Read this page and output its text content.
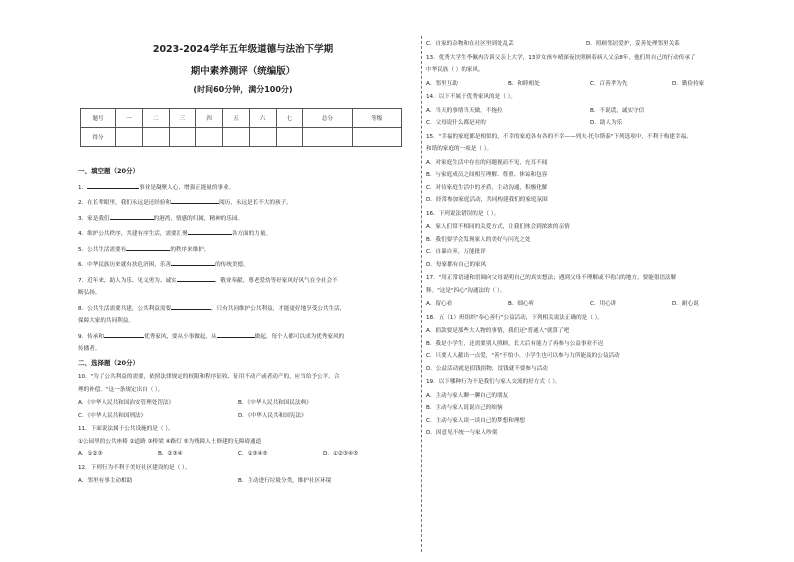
2023-2024学年五年级道德与法治下学期

期中素养测评（统编版）

(时间60分钟，满分100分)

题号	一	二	三	四	五	六	七	总分	等级
得分									

一、填空题（20分）

1．	事业是凝聚人心，增强正能量的事业。

2．在长辈眼里，我们永远是还经验和	阅历，永远是长不大的孩子。

3．家是我们	的港湾，情感的归属，精神的乐园。

4．维护公共秩序，共建有序生活，需要汇聚	各方面的力量。

5．公共生活需要有	的秩序来维护。

6．中华民族历来就有扶危济困，乐善	的传统美德。

7．近年来，助人为乐、见义勇为、诚实	、敬业奉献、尊老爱幼等好家风好风气在全社会不

断弘扬。

8．公共生活需要共建，公共利益需要	。只有共同维护公共利益，才能更好地享受公共生活，

保障大家的共同利益。

9．传承和	优秀家风，要从小事做起，从	做起，每个人都可以成为优秀家风的

传播者。

二、选择题（20分）

10．"为了公共利益的需要，依照法律规定的权限和程序征收、征用不动产或者动产的，应当给予公平、合

理的补偿。"这一条规定出自（ ）。

A．《中华人民共和国治安管理处罚法》	B．《中华人民共和国民法典》
C．《中华人民共和国刑法》	D．《中华人民共和国宪法》

11．下面说法属于公共设施的是（ ）。

①公园里的公共座椅 ②道路 ③桥梁 ④路灯 ⑤为残障人士修建的无障碍通道

A．①②③	B．②③④	C．①③④⑤	D．①②③④⑤

12．下列行为不利于美好社区建设的是（ ）。

A．邻里有事主动相助	B．主动进行垃圾分类，维护社区环境
C．自家的杂物和在社区里到处乱丢	D．照顾邻居爱护，妥善处理邻里关系

13．优秀大学生李佩冉告诉父亲上大学，13岁女孩车晴深夜扶照顾着病人父亲8年，他们用自己的行动传承了

中华民族（ ）的家风。

A．邻里互助	B．和睦相处	C．百善孝为先	D．勤俭持家

14．以下不属于优秀家风的是（ ）。

A．当天的事情当天做，不拖拉	B．不说谎，诚实守信
C．父母说什么都是对的	D．助人为乐

15．"幸福的家庭都是相似的，不幸的家庭各有各的不幸——列夫·托尔斯泰"下列选项中，不利于构建幸福、

和谐的家庭的一项是（ ）。

A．对家庭生活中存在的问题视而不见，充耳不闻

B．与家庭成员之间相互理解、尊重、体谅和包容

C．对待家庭生活中的矛盾，主动沟通，积极化解

D．经常参加家庭活动，共同构建我们的家庭氛围

16．下列说法错误的是（ ）。

A．家人们常不相同的关爱方式，让我们体会到浓浓的亲情

B．我们要学会发现家人的美好与闪光之处

C．自暴自弃，万能批评

D．每家都有自己的家风

17．"用正常语速和语调向父母说明自己的真实想法；遇到父母不理解或不明白的地方，要能很语法解

释。"这是"四心"沟通法的（ ）。

A．留心看	B．细心听	C．用心讲	D．耐心说

18．五（1）班组织"奉心善行"公益活动，下列相关说法正确的是（ ）。

A．捐款要是那些大人物的事情，我们还"普通人"就算了吧

B．我是小学生，还需要别人照顾，长大后有能力了再参与公益事业不迟

C．只要人人献出一点爱，"善"不怕小，小学生也可以参与力所能及的公益活动

D．公益活动就是捐钱捐物，没钱就不要参与活动

19．以下哪种行为不是我们与家人交流的好方式（ ）。

A．主动与家人聊一聊自己的朋友

B．主动与家人说说自己的烦恼

C．主动与家人谈一谈自己的梦想和理想

D．因意见不统一与家人吵架
